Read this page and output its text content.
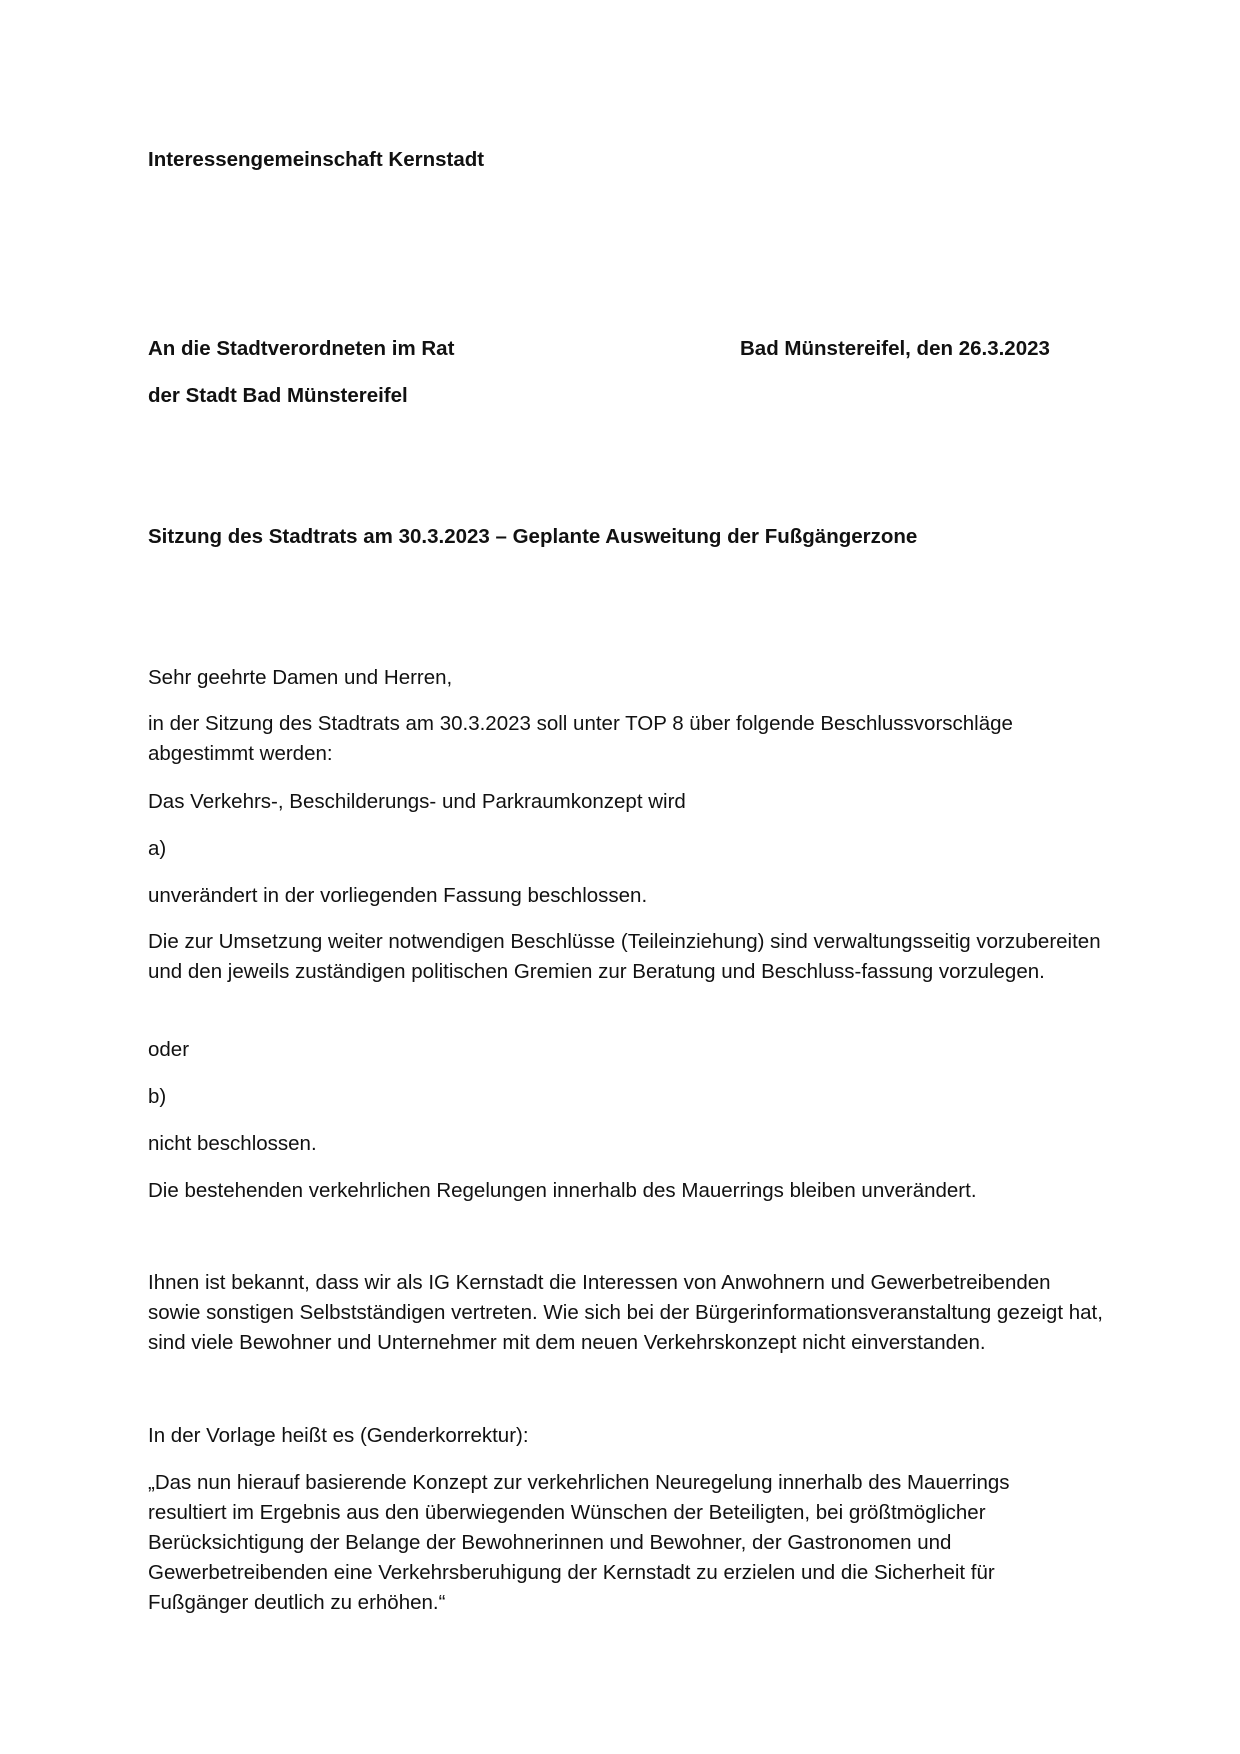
Interessengemeinschaft Kernstadt

An die Stadtverordneten im Rat	Bad Münstereifel, den 26.3.2023

der Stadt Bad Münstereifel

Sitzung des Stadtrats am 30.3.2023 – Geplante Ausweitung der Fußgängerzone

Sehr geehrte Damen und Herren,

in der Sitzung des Stadtrats am 30.3.2023 soll unter TOP 8 über folgende Beschlussvorschläge abgestimmt werden:

Das Verkehrs-, Beschilderungs- und Parkraumkonzept wird

a)

unverändert in der vorliegenden Fassung beschlossen.

Die zur Umsetzung weiter notwendigen Beschlüsse (Teileinziehung) sind verwaltungsseitig vorzubereiten und den jeweils zuständigen politischen Gremien zur Beratung und Beschluss-fassung vorzulegen.

oder

b)

nicht beschlossen.

Die bestehenden verkehrlichen Regelungen innerhalb des Mauerrings bleiben unverändert.

Ihnen ist bekannt, dass wir als IG Kernstadt die Interessen von Anwohnern und Gewerbetreibenden sowie sonstigen Selbstständigen vertreten. Wie sich bei der Bürgerinformationsveranstaltung gezeigt hat, sind viele Bewohner und Unternehmer mit dem neuen Verkehrskonzept nicht einverstanden.

In der Vorlage heißt es (Genderkorrektur):

„Das nun hierauf basierende Konzept zur verkehrlichen Neuregelung innerhalb des Mauerrings resultiert im Ergebnis aus den überwiegenden Wünschen der Beteiligten, bei größtmöglicher Berücksichtigung der Belange der Bewohnerinnen und Bewohner, der Gastronomen und Gewerbetreibenden eine Verkehrsberuhigung der Kernstadt zu erzielen und die Sicherheit für Fußgänger deutlich zu erhöhen.“
